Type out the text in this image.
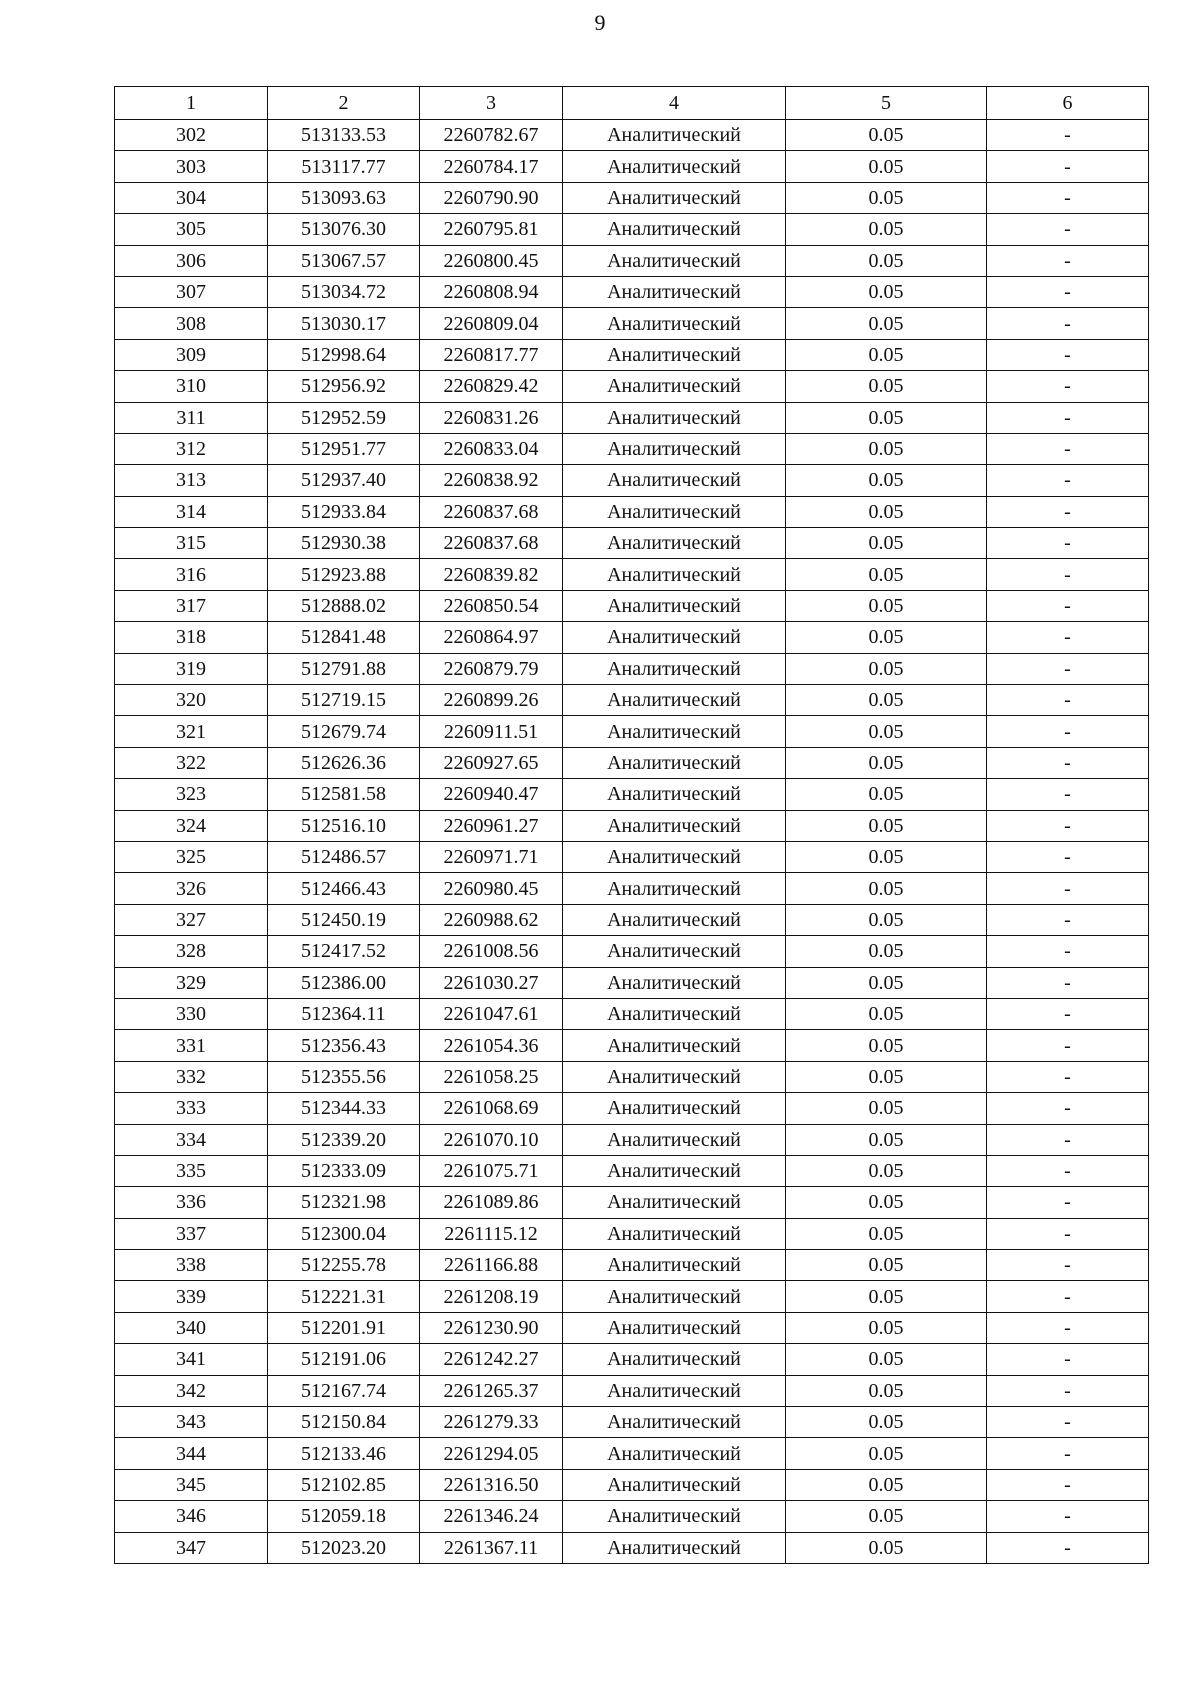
9
1	2	3	4	5	6
302	513133.53	2260782.67	Аналитический	0.05	-
303	513117.77	2260784.17	Аналитический	0.05	-
304	513093.63	2260790.90	Аналитический	0.05	-
305	513076.30	2260795.81	Аналитический	0.05	-
306	513067.57	2260800.45	Аналитический	0.05	-
307	513034.72	2260808.94	Аналитический	0.05	-
308	513030.17	2260809.04	Аналитический	0.05	-
309	512998.64	2260817.77	Аналитический	0.05	-
310	512956.92	2260829.42	Аналитический	0.05	-
311	512952.59	2260831.26	Аналитический	0.05	-
312	512951.77	2260833.04	Аналитический	0.05	-
313	512937.40	2260838.92	Аналитический	0.05	-
314	512933.84	2260837.68	Аналитический	0.05	-
315	512930.38	2260837.68	Аналитический	0.05	-
316	512923.88	2260839.82	Аналитический	0.05	-
317	512888.02	2260850.54	Аналитический	0.05	-
318	512841.48	2260864.97	Аналитический	0.05	-
319	512791.88	2260879.79	Аналитический	0.05	-
320	512719.15	2260899.26	Аналитический	0.05	-
321	512679.74	2260911.51	Аналитический	0.05	-
322	512626.36	2260927.65	Аналитический	0.05	-
323	512581.58	2260940.47	Аналитический	0.05	-
324	512516.10	2260961.27	Аналитический	0.05	-
325	512486.57	2260971.71	Аналитический	0.05	-
326	512466.43	2260980.45	Аналитический	0.05	-
327	512450.19	2260988.62	Аналитический	0.05	-
328	512417.52	2261008.56	Аналитический	0.05	-
329	512386.00	2261030.27	Аналитический	0.05	-
330	512364.11	2261047.61	Аналитический	0.05	-
331	512356.43	2261054.36	Аналитический	0.05	-
332	512355.56	2261058.25	Аналитический	0.05	-
333	512344.33	2261068.69	Аналитический	0.05	-
334	512339.20	2261070.10	Аналитический	0.05	-
335	512333.09	2261075.71	Аналитический	0.05	-
336	512321.98	2261089.86	Аналитический	0.05	-
337	512300.04	2261115.12	Аналитический	0.05	-
338	512255.78	2261166.88	Аналитический	0.05	-
339	512221.31	2261208.19	Аналитический	0.05	-
340	512201.91	2261230.90	Аналитический	0.05	-
341	512191.06	2261242.27	Аналитический	0.05	-
342	512167.74	2261265.37	Аналитический	0.05	-
343	512150.84	2261279.33	Аналитический	0.05	-
344	512133.46	2261294.05	Аналитический	0.05	-
345	512102.85	2261316.50	Аналитический	0.05	-
346	512059.18	2261346.24	Аналитический	0.05	-
347	512023.20	2261367.11	Аналитический	0.05	-
